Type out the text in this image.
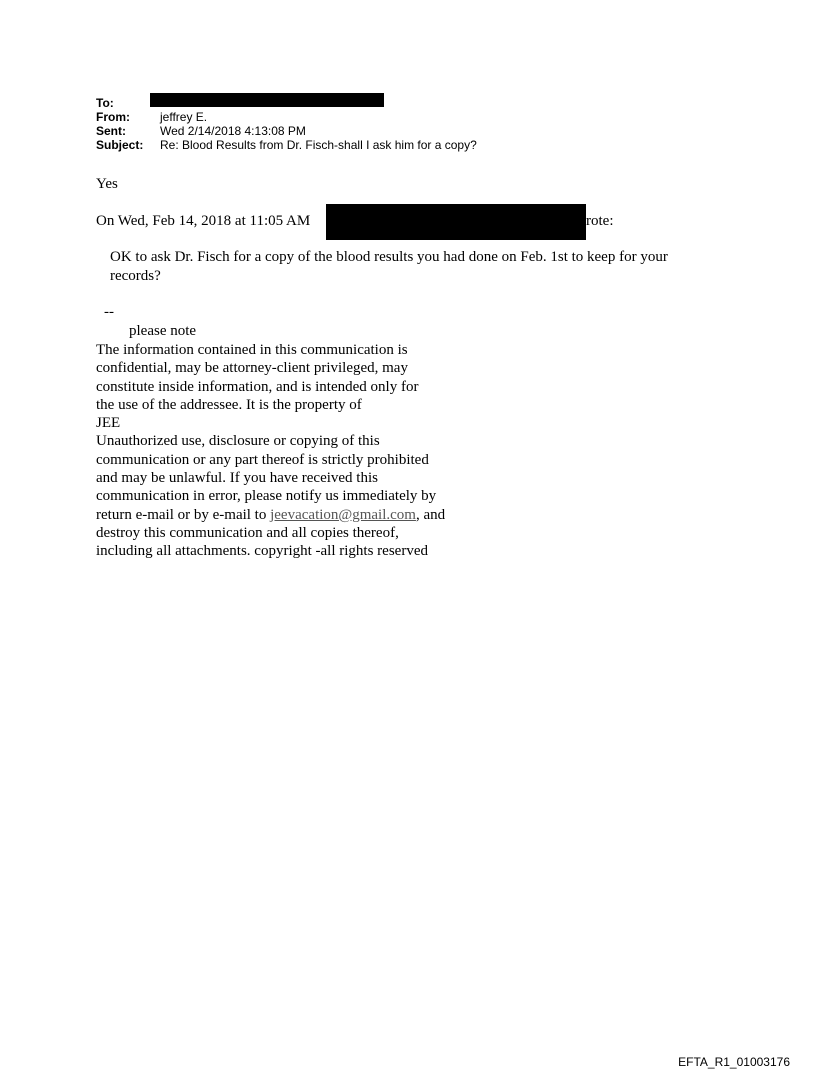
To:
From:	jeffrey E.
Sent:	Wed 2/14/2018 4:13:08 PM
Subject: Re: Blood Results from Dr. Fisch-shall I ask him for a copy?
Yes
On Wed, Feb 14, 2018 at 11:05 AM	rote:
OK to ask Dr. Fisch for a copy of the blood results you had done on Feb. 1st to keep for your
records?
--
please note
The information contained in this communication is
confidential, may be attorney-client privileged, may
constitute inside information, and is intended only for
the use of the addressee. It is the property of
JEE
Unauthorized use, disclosure or copying of this
communication or any part thereof is strictly prohibited
and may be unlawful. If you have received this
communication in error, please notify us immediately by
return e-mail or by e-mail to jeevacation@gmail.com, and
destroy this communication and all copies thereof,
including all attachments. copyright -all rights reserved
EFTA_R1_01003176
